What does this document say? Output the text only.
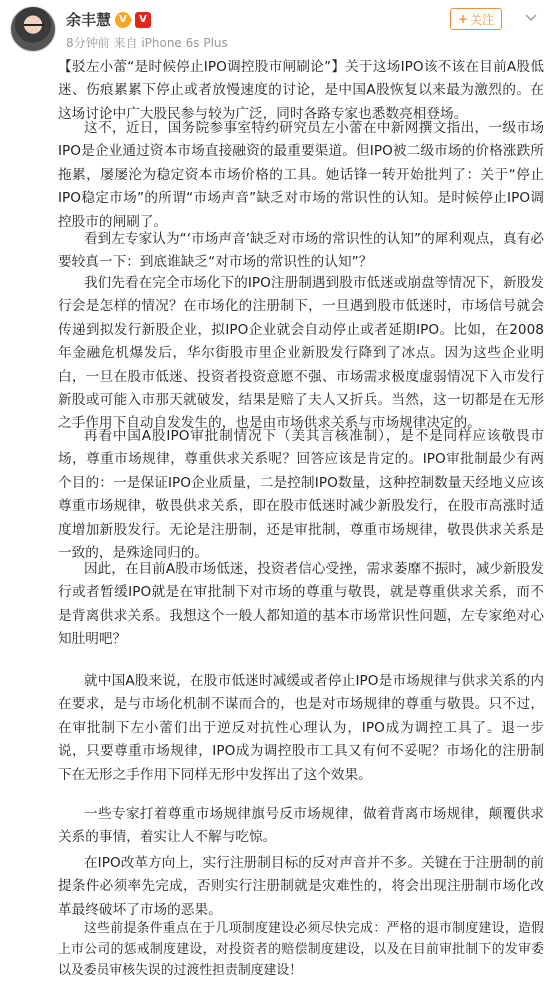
余丰慧 V	V
8分钟前 来自 iPhone 6s Plus
+ 关注

【驳左小蕾“是时候停止IPO调控股市闸刷论”】关于这场IPO该不该在目前A股低迷、伤痕累累下停止或者放慢速度的讨论，是中国A股恢复以来最为激烈的。在这场讨论中广大股民参与较为广泛，同时各路专家也悉数亮相登场。

这不，近日，国务院参事室特约研究员左小蕾在中新网撰文指出，一级市场IPO是企业通过资本市场直接融资的最重要渠道。但IPO被二级市场的价格涨跌所拖累，屡屡沦为稳定资本市场价格的工具。她话锋一转开始批判了：关于“停止IPO稳定市场”的所谓“市场声音”缺乏对市场的常识性的认知。是时候停止IPO调控股市的闸刷了。

看到左专家认为“‘市场声音’缺乏对市场的常识性的认知”的犀利观点，真有必要较真一下：到底谁缺乏“对市场的常识性的认知”？

我们先看在完全市场化下的IPO注册制遇到股市低迷或崩盘等情况下，新股发行会是怎样的情况？在市场化的注册制下，一旦遇到股市低迷时，市场信号就会传递到拟发行新股企业，拟IPO企业就会自动停止或者延期IPO。比如，在2008年金融危机爆发后，华尔街股市里企业新股发行降到了冰点。因为这些企业明白，一旦在股市低迷、投资者投资意愿不强、市场需求极度虚弱情况下入市发行新股或可能入市那天就破发，结果是赔了夫人又折兵。当然，这一切都是在无形之手作用下自动自发发生的，也是由市场供求关系与市场规律决定的。

再看中国A股IPO审批制情况下（美其言核准制），是不是同样应该敬畏市场，尊重市场规律，尊重供求关系呢？回答应该是肯定的。IPO审批制最少有两个目的：一是保证IPO企业质量，二是控制IPO数量，这种控制数量天经地义应该尊重市场规律，敬畏供求关系，即在股市低迷时减少新股发行，在股市高涨时适度增加新股发行。无论是注册制，还是审批制，尊重市场规律，敬畏供求关系是一致的，是殊途同归的。

因此，在目前A股市场低迷，投资者信心受挫，需求萎靡不振时，减少新股发行或者暂缓IPO就是在审批制下对市场的尊重与敬畏，就是尊重供求关系，而不是背离供求关系。我想这个一般人都知道的基本市场常识性问题，左专家绝对心知肚明吧？

就中国A股来说，在股市低迷时减缓或者停止IPO是市场规律与供求关系的内在要求，是与市场化机制不谋而合的，也是对市场规律的尊重与敬畏。只不过，在审批制下左小蕾们出于逆反对抗性心理认为，IPO成为调控工具了。退一步说，只要尊重市场规律，IPO成为调控股市工具又有何不妥呢？市场化的注册制下在无形之手作用下同样无形中发挥出了这个效果。

一些专家打着尊重市场规律旗号反市场规律，做着背离市场规律，颠覆供求关系的事情，着实让人不解与吃惊。

在IPO改革方向上，实行注册制目标的反对声音并不多。关键在于注册制的前提条件必须率先完成，否则实行注册制就是灾难性的，将会出现注册制市场化改革最终破坏了市场的恶果。

这些前提条件重点在于几项制度建设必须尽快完成：严格的退市制度建设，造假上市公司的惩戒制度建设，对投资者的赔偿制度建设，以及在目前审批制下的发审委以及委员审核失误的过渡性担责制度建设！
